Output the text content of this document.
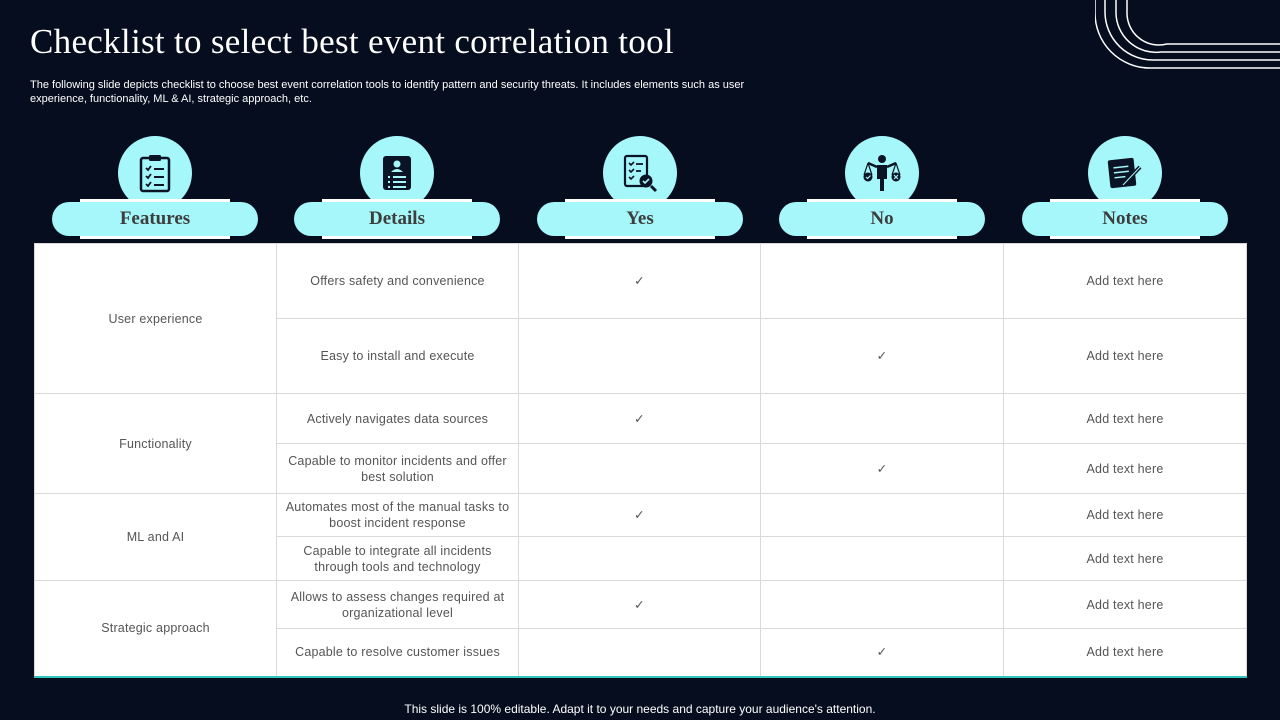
Checklist to select best event correlation tool
The following slide depicts checklist to choose best event correlation tools to identify pattern and security threats. It includes elements such as user experience, functionality, ML & AI, strategic approach, etc.
Features	Details	Yes	No	Notes
User experience	Offers safety and convenience	✓		Add text here
	Easy to install and execute		✓	Add text here
Functionality	Actively navigates data sources	✓		Add text here
	Capable to monitor incidents and offer best solution		✓	Add text here
ML and AI	Automates most of the manual tasks to boost incident response	✓		Add text here
	Capable to integrate all incidents through tools and technology			Add text here
Strategic approach	Allows to assess changes required at organizational level	✓		Add text here
	Capable to resolve customer issues		✓	Add text here
This slide is 100% editable. Adapt it to your needs and capture your audience's attention.
